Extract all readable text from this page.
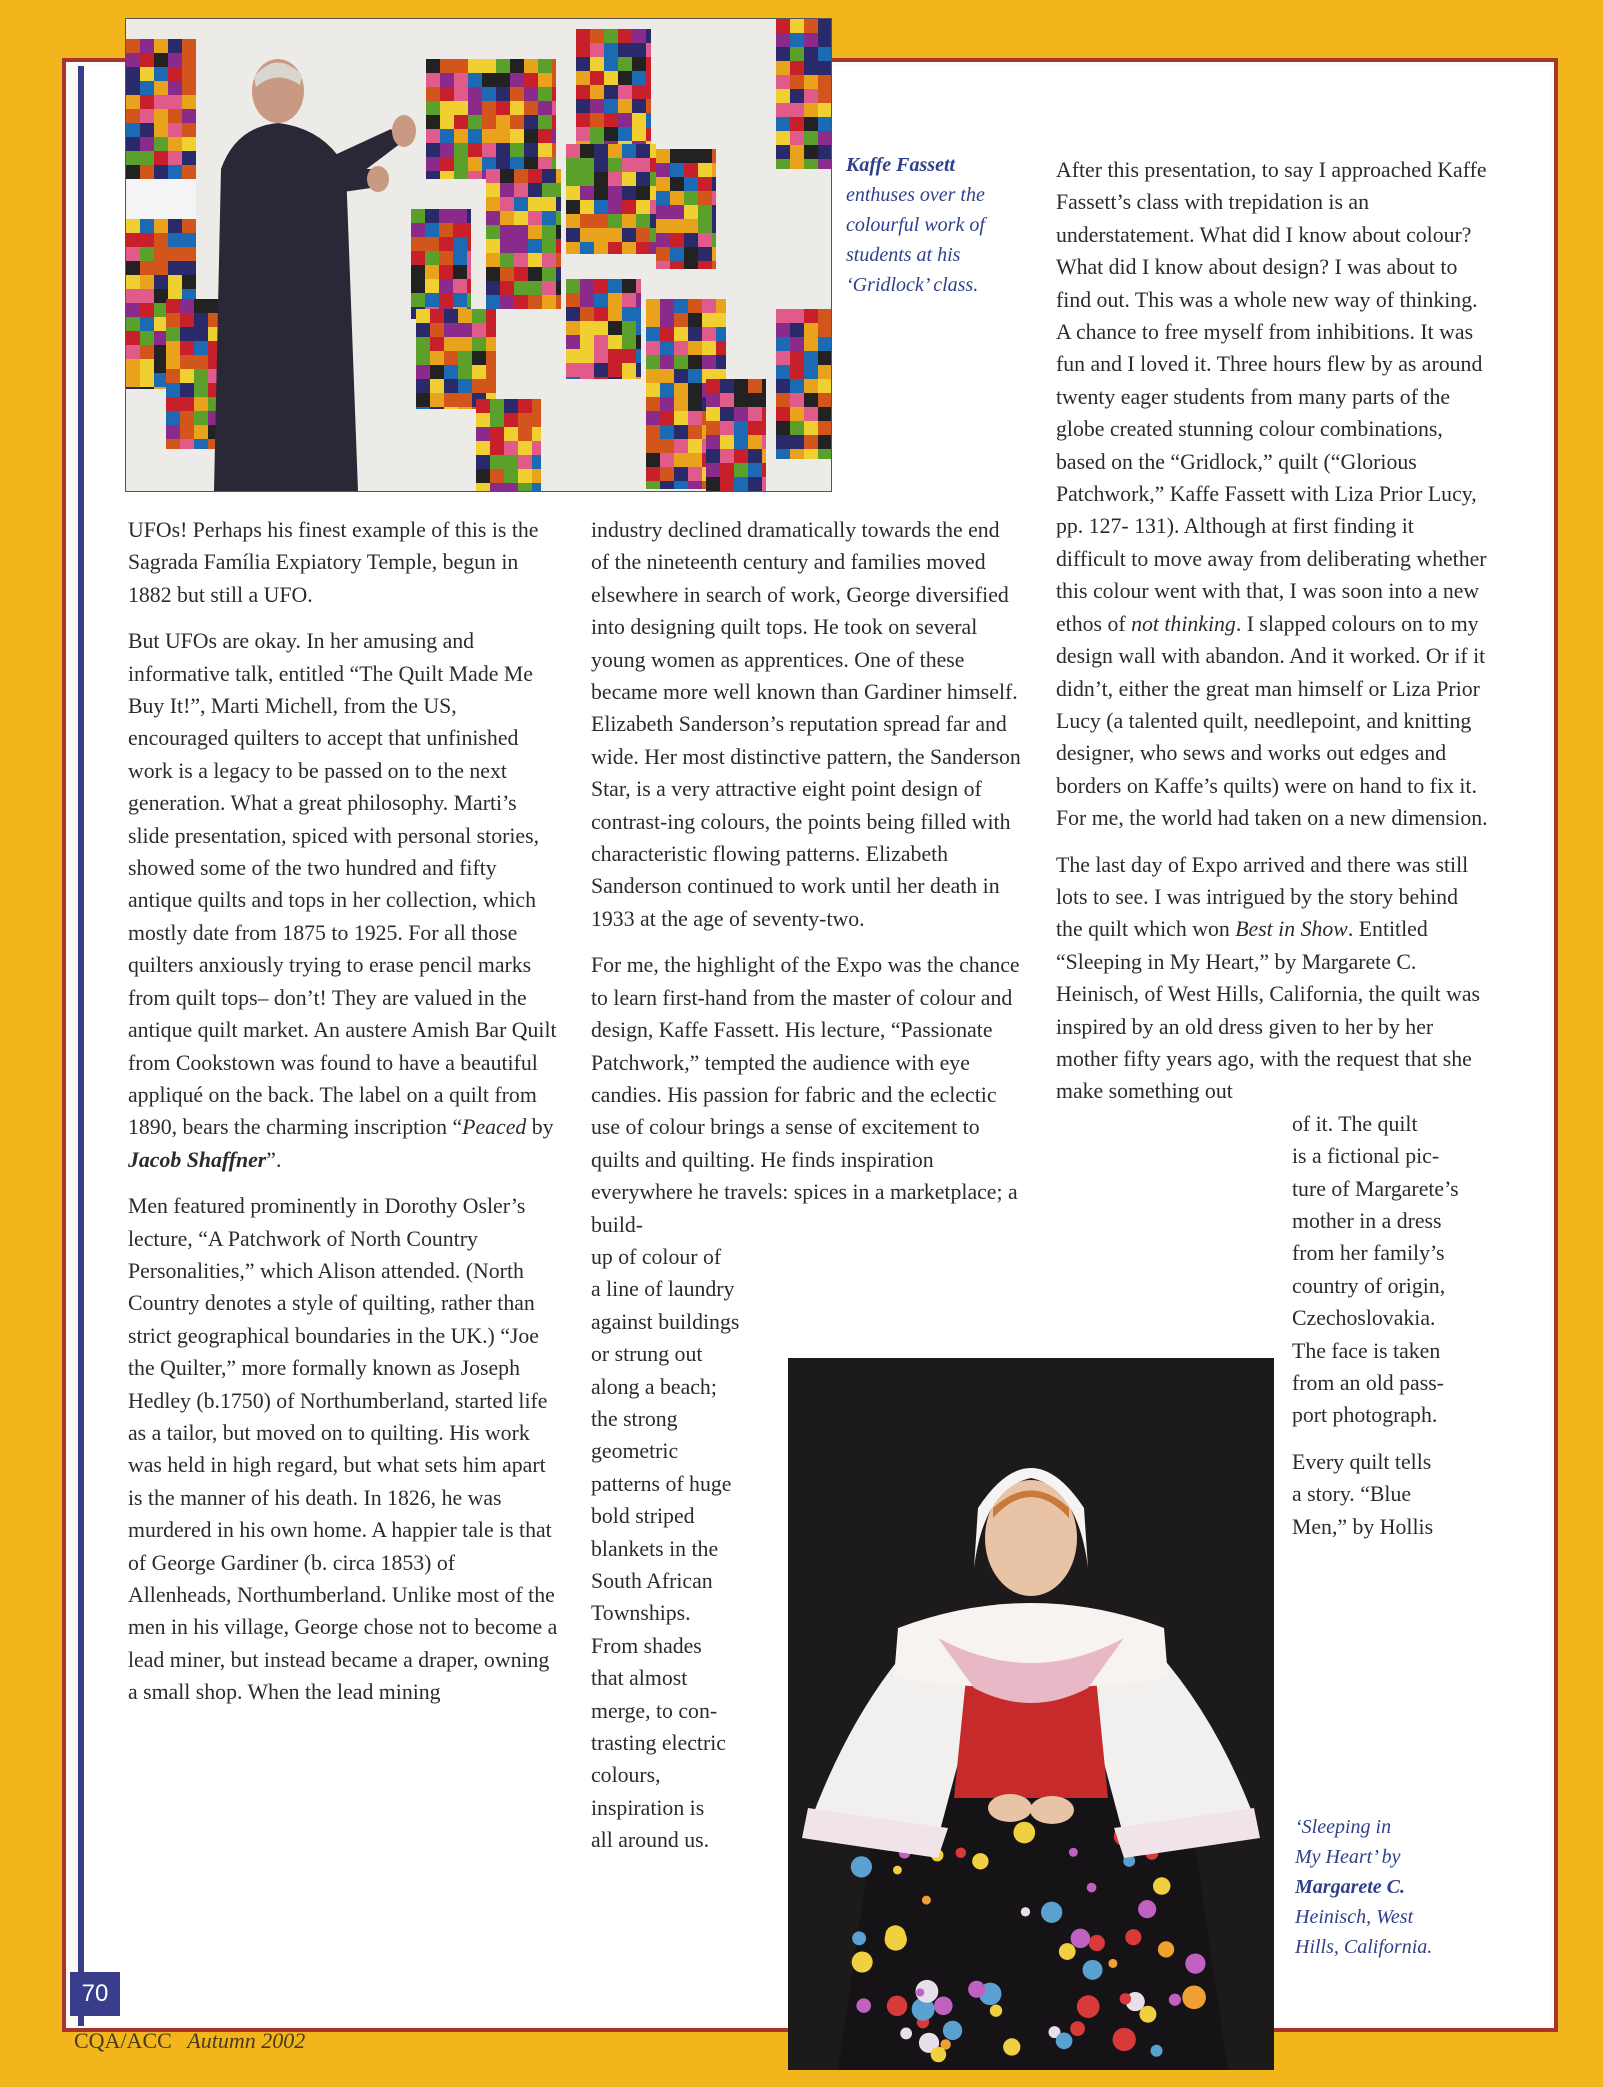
Kaffe Fassett
enthuses over the
colourful work of
students at his
‘Gridlock’ class.

UFOs! Perhaps his finest example of this is the Sagrada Família Expiatory Temple, begun in 1882 but still a UFO.

But UFOs are okay. In her amusing and informative talk, entitled “The Quilt Made Me Buy It!”, Marti Michell, from the US, encouraged quilters to accept that unfinished work is a legacy to be passed on to the next generation. What a great philosophy. Marti’s slide presentation, spiced with personal stories, showed some of the two hundred and fifty antique quilts and tops in her collection, which mostly date from 1875 to 1925. For all those quilters anxiously trying to erase pencil marks from quilt tops– don’t! They are valued in the antique quilt market. An austere Amish Bar Quilt from Cookstown was found to have a beautiful appliqué on the back. The label on a quilt from 1890, bears the charming inscription “Peaced by Jacob Shaffner”.

Men featured prominently in Dorothy Osler’s lecture, “A Patchwork of North Country Personalities,” which Alison attended. (North Country denotes a style of quilting, rather than strict geographical boundaries in the UK.) “Joe the Quilter,” more formally known as Joseph Hedley (b.1750) of Northumberland, started life as a tailor, but moved on to quilting. His work was held in high regard, but what sets him apart is the manner of his death. In 1826, he was murdered in his own home. A happier tale is that of George Gardiner (b. circa 1853) of Allenheads, Northumberland. Unlike most of the men in his village, George chose not to become a lead miner, but instead became a draper, owning a small shop. When the lead mining

industry declined dramatically towards the end of the nineteenth century and families moved elsewhere in search of work, George diversified into designing quilt tops. He took on several young women as apprentices. One of these became more well known than Gardiner himself. Elizabeth Sanderson’s reputation spread far and wide. Her most distinctive pattern, the Sanderson Star, is a very attractive eight point design of contrast-ing colours, the points being filled with characteristic flowing patterns. Elizabeth Sanderson continued to work until her death in 1933 at the age of seventy-two.

For me, the highlight of the Expo was the chance to learn first-hand from the master of colour and design, Kaffe Fassett. His lecture, “Passionate Patchwork,” tempted the audience with eye candies. His passion for fabric and the eclectic use of colour brings a sense of excitement to quilts and quilting. He finds inspiration everywhere he travels: spices in a marketplace; a build-

up of colour of
a line of laundry
against buildings
or strung out
along a beach;
the strong
geometric
patterns of huge
bold striped
blankets in the
South African
Townships.
From shades
that almost
merge, to con-
trasting electric
colours,
inspiration is
all around us.

After this presentation, to say I approached Kaffe Fassett’s class with trepidation is an understatement. What did I know about colour? What did I know about design? I was about to find out. This was a whole new way of thinking. A chance to free myself from inhibitions. It was fun and I loved it. Three hours flew by as around twenty eager students from many parts of the globe created stunning colour combinations, based on the “Gridlock,” quilt (“Glorious Patchwork,” Kaffe Fassett with Liza Prior Lucy, pp. 127- 131). Although at first finding it difficult to move away from deliberating whether this colour went with that, I was soon into a new ethos of not thinking. I slapped colours on to my design wall with abandon. And it worked. Or if it didn’t, either the great man himself or Liza Prior Lucy (a talented quilt, needlepoint, and knitting designer, who sews and works out edges and borders on Kaffe’s quilts) were on hand to fix it. For me, the world had taken on a new dimension.

The last day of Expo arrived and there was still lots to see. I was intrigued by the story behind the quilt which won Best in Show. Entitled “Sleeping in My Heart,” by Margarete C. Heinisch, of West Hills, California, the quilt was inspired by an old dress given to her by her mother fifty years ago, with the request that she make something out

of it. The quilt
is a fictional pic-
ture of Margarete’s
mother in a dress
from her family’s
country of origin,
Czechoslovakia.
The face is taken
from an old pass-
port photograph.
Every quilt tells
a story. “Blue
Men,” by Hollis
‘Sleeping in
My Heart’ by
Margarete C.
Heinisch, West
Hills, California.
70
CQA/ACC Autumn 2002
